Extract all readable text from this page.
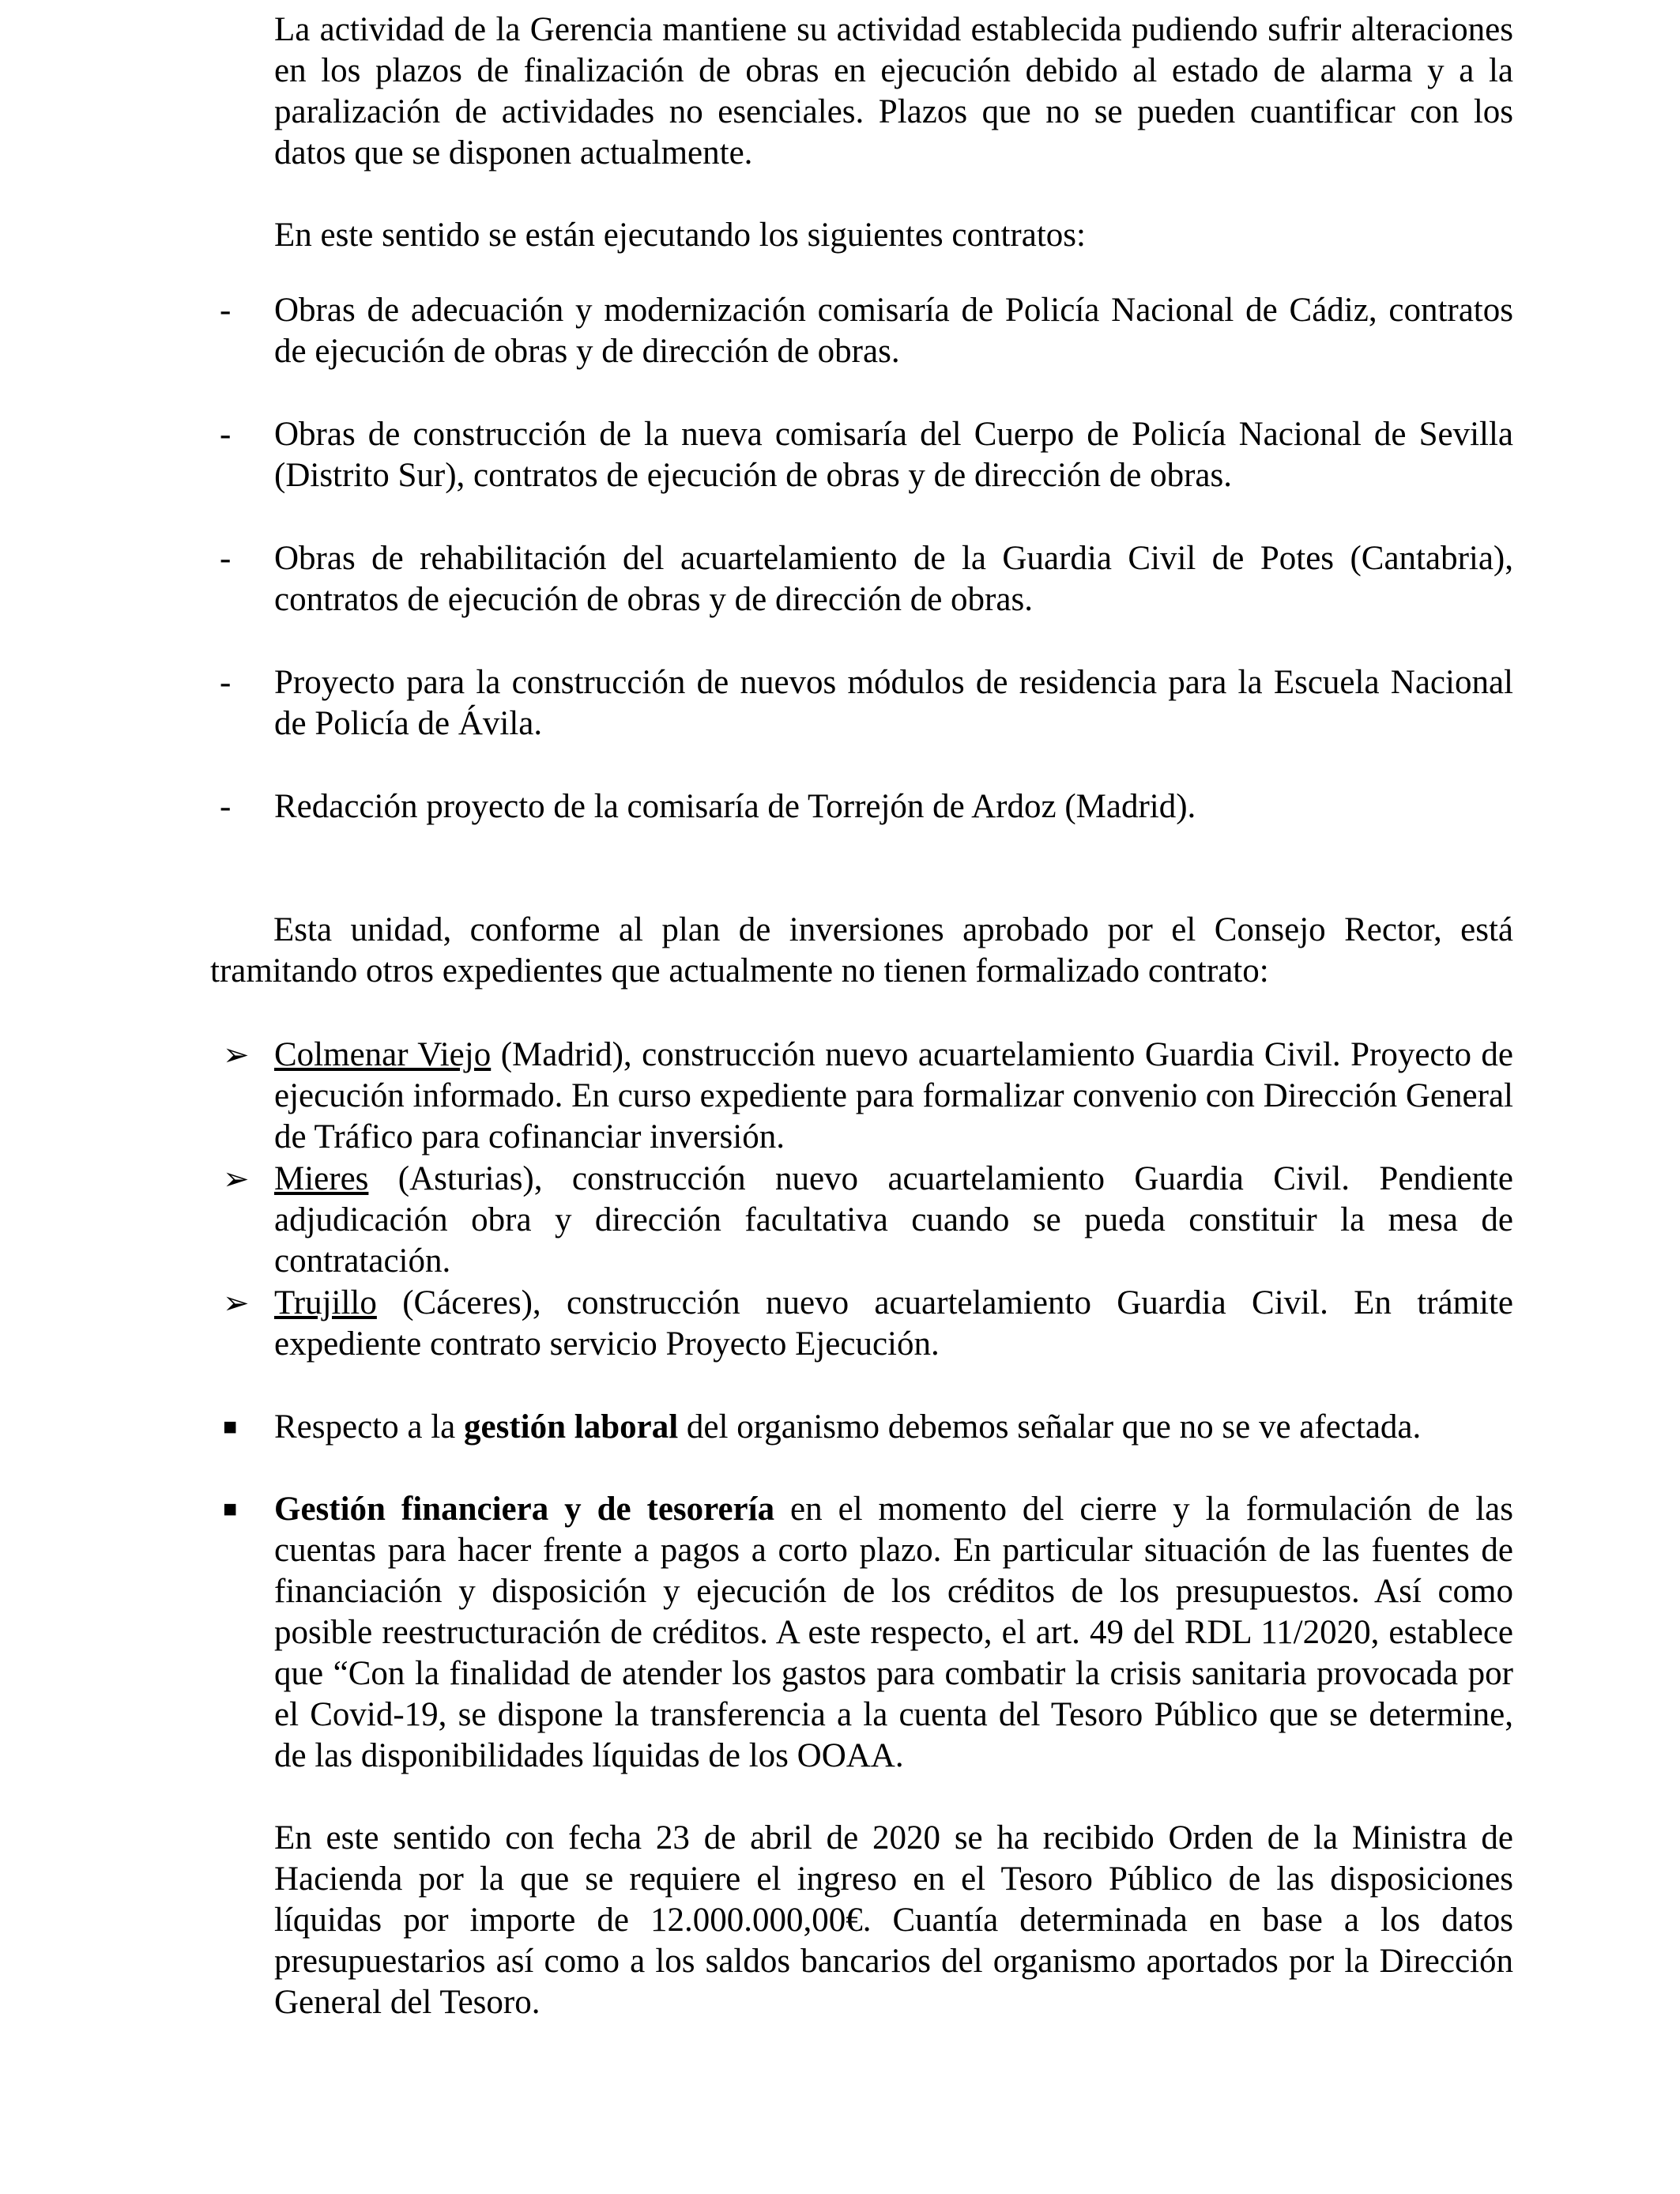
La actividad de la Gerencia mantiene su actividad establecida pudiendo sufrir alteraciones en los plazos de finalización de obras en ejecución debido al estado de alarma y a la paralización de actividades no esenciales. Plazos que no se pueden cuantificar con los datos que se disponen actualmente.

En este sentido se están ejecutando los siguientes contratos:

-	Obras de adecuación y modernización comisaría de Policía Nacional de Cádiz, contratos de ejecución de obras y de dirección de obras.

-	Obras de construcción de la nueva comisaría del Cuerpo de Policía Nacional de Sevilla (Distrito Sur), contratos de ejecución de obras y de dirección de obras.

-	Obras de rehabilitación del acuartelamiento de la Guardia Civil de Potes (Cantabria), contratos de ejecución de obras y de dirección de obras.

-	Proyecto para la construcción de nuevos módulos de residencia para la Escuela Nacional de Policía de Ávila.

-	Redacción proyecto de la comisaría de Torrejón de Ardoz (Madrid).

Esta unidad, conforme al plan de inversiones aprobado por el Consejo Rector, está tramitando otros expedientes que actualmente no tienen formalizado contrato:

➢ Colmenar Viejo (Madrid), construcción nuevo acuartelamiento Guardia Civil. Proyecto de ejecución informado. En curso expediente para formalizar convenio con Dirección General de Tráfico para cofinanciar inversión.

➢ Mieres (Asturias), construcción nuevo acuartelamiento Guardia Civil. Pendiente adjudicación obra y dirección facultativa cuando se pueda constituir la mesa de contratación.

➢ Trujillo (Cáceres), construcción nuevo acuartelamiento Guardia Civil. En trámite expediente contrato servicio Proyecto Ejecución.

■	Respecto a la gestión laboral del organismo debemos señalar que no se ve afectada.

■	Gestión financiera y de tesorería en el momento del cierre y la formulación de las cuentas para hacer frente a pagos a corto plazo. En particular situación de las fuentes de financiación y disposición y ejecución de los créditos de los presupuestos. Así como posible reestructuración de créditos. A este respecto, el art. 49 del RDL 11/2020, establece que “Con la finalidad de atender los gastos para combatir la crisis sanitaria provocada por el Covid-19, se dispone la transferencia a la cuenta del Tesoro Público que se determine, de las disponibilidades líquidas de los OOAA.

En este sentido con fecha 23 de abril de 2020 se ha recibido Orden de la Ministra de Hacienda por la que se requiere el ingreso en el Tesoro Público de las disposiciones líquidas por importe de 12.000.000,00€. Cuantía determinada en base a los datos presupuestarios así como a los saldos bancarios del organismo aportados por la Dirección General del Tesoro.
